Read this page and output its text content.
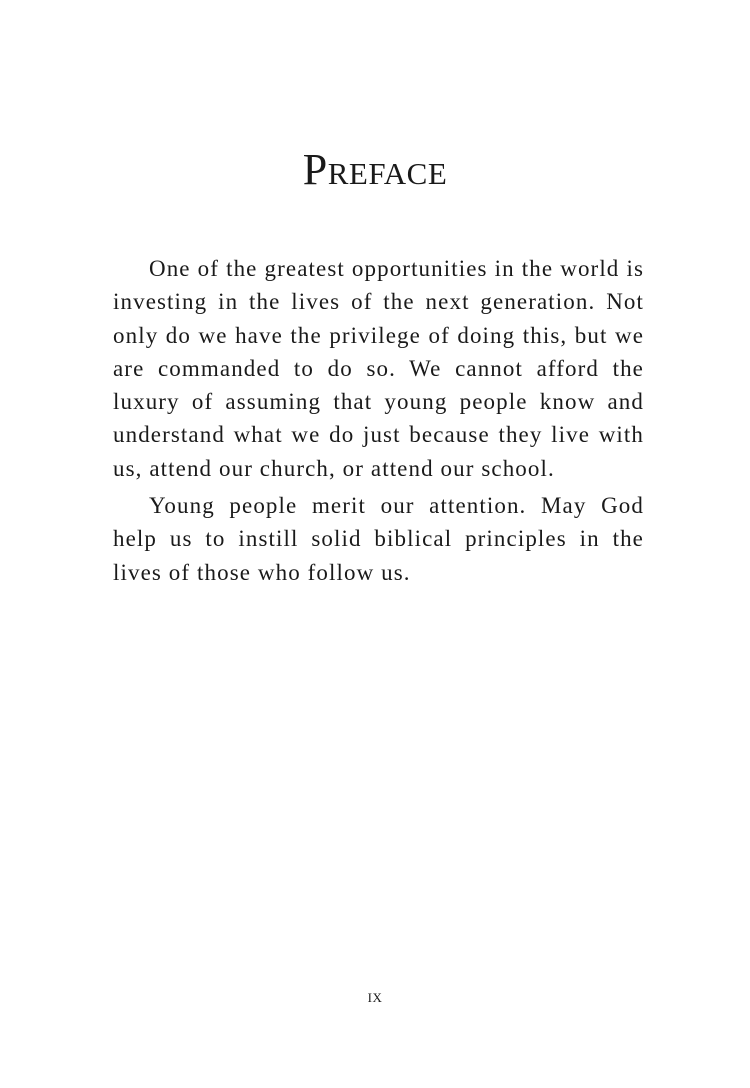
Preface

One of the greatest opportunities in the world is investing in the lives of the next generation. Not only do we have the privilege of doing this, but we are commanded to do so. We cannot afford the luxury of assuming that young people know and understand what we do just because they live with us, attend our church, or attend our school.

Young people merit our attention. May God help us to instill solid biblical principles in the lives of those who follow us.

IX
